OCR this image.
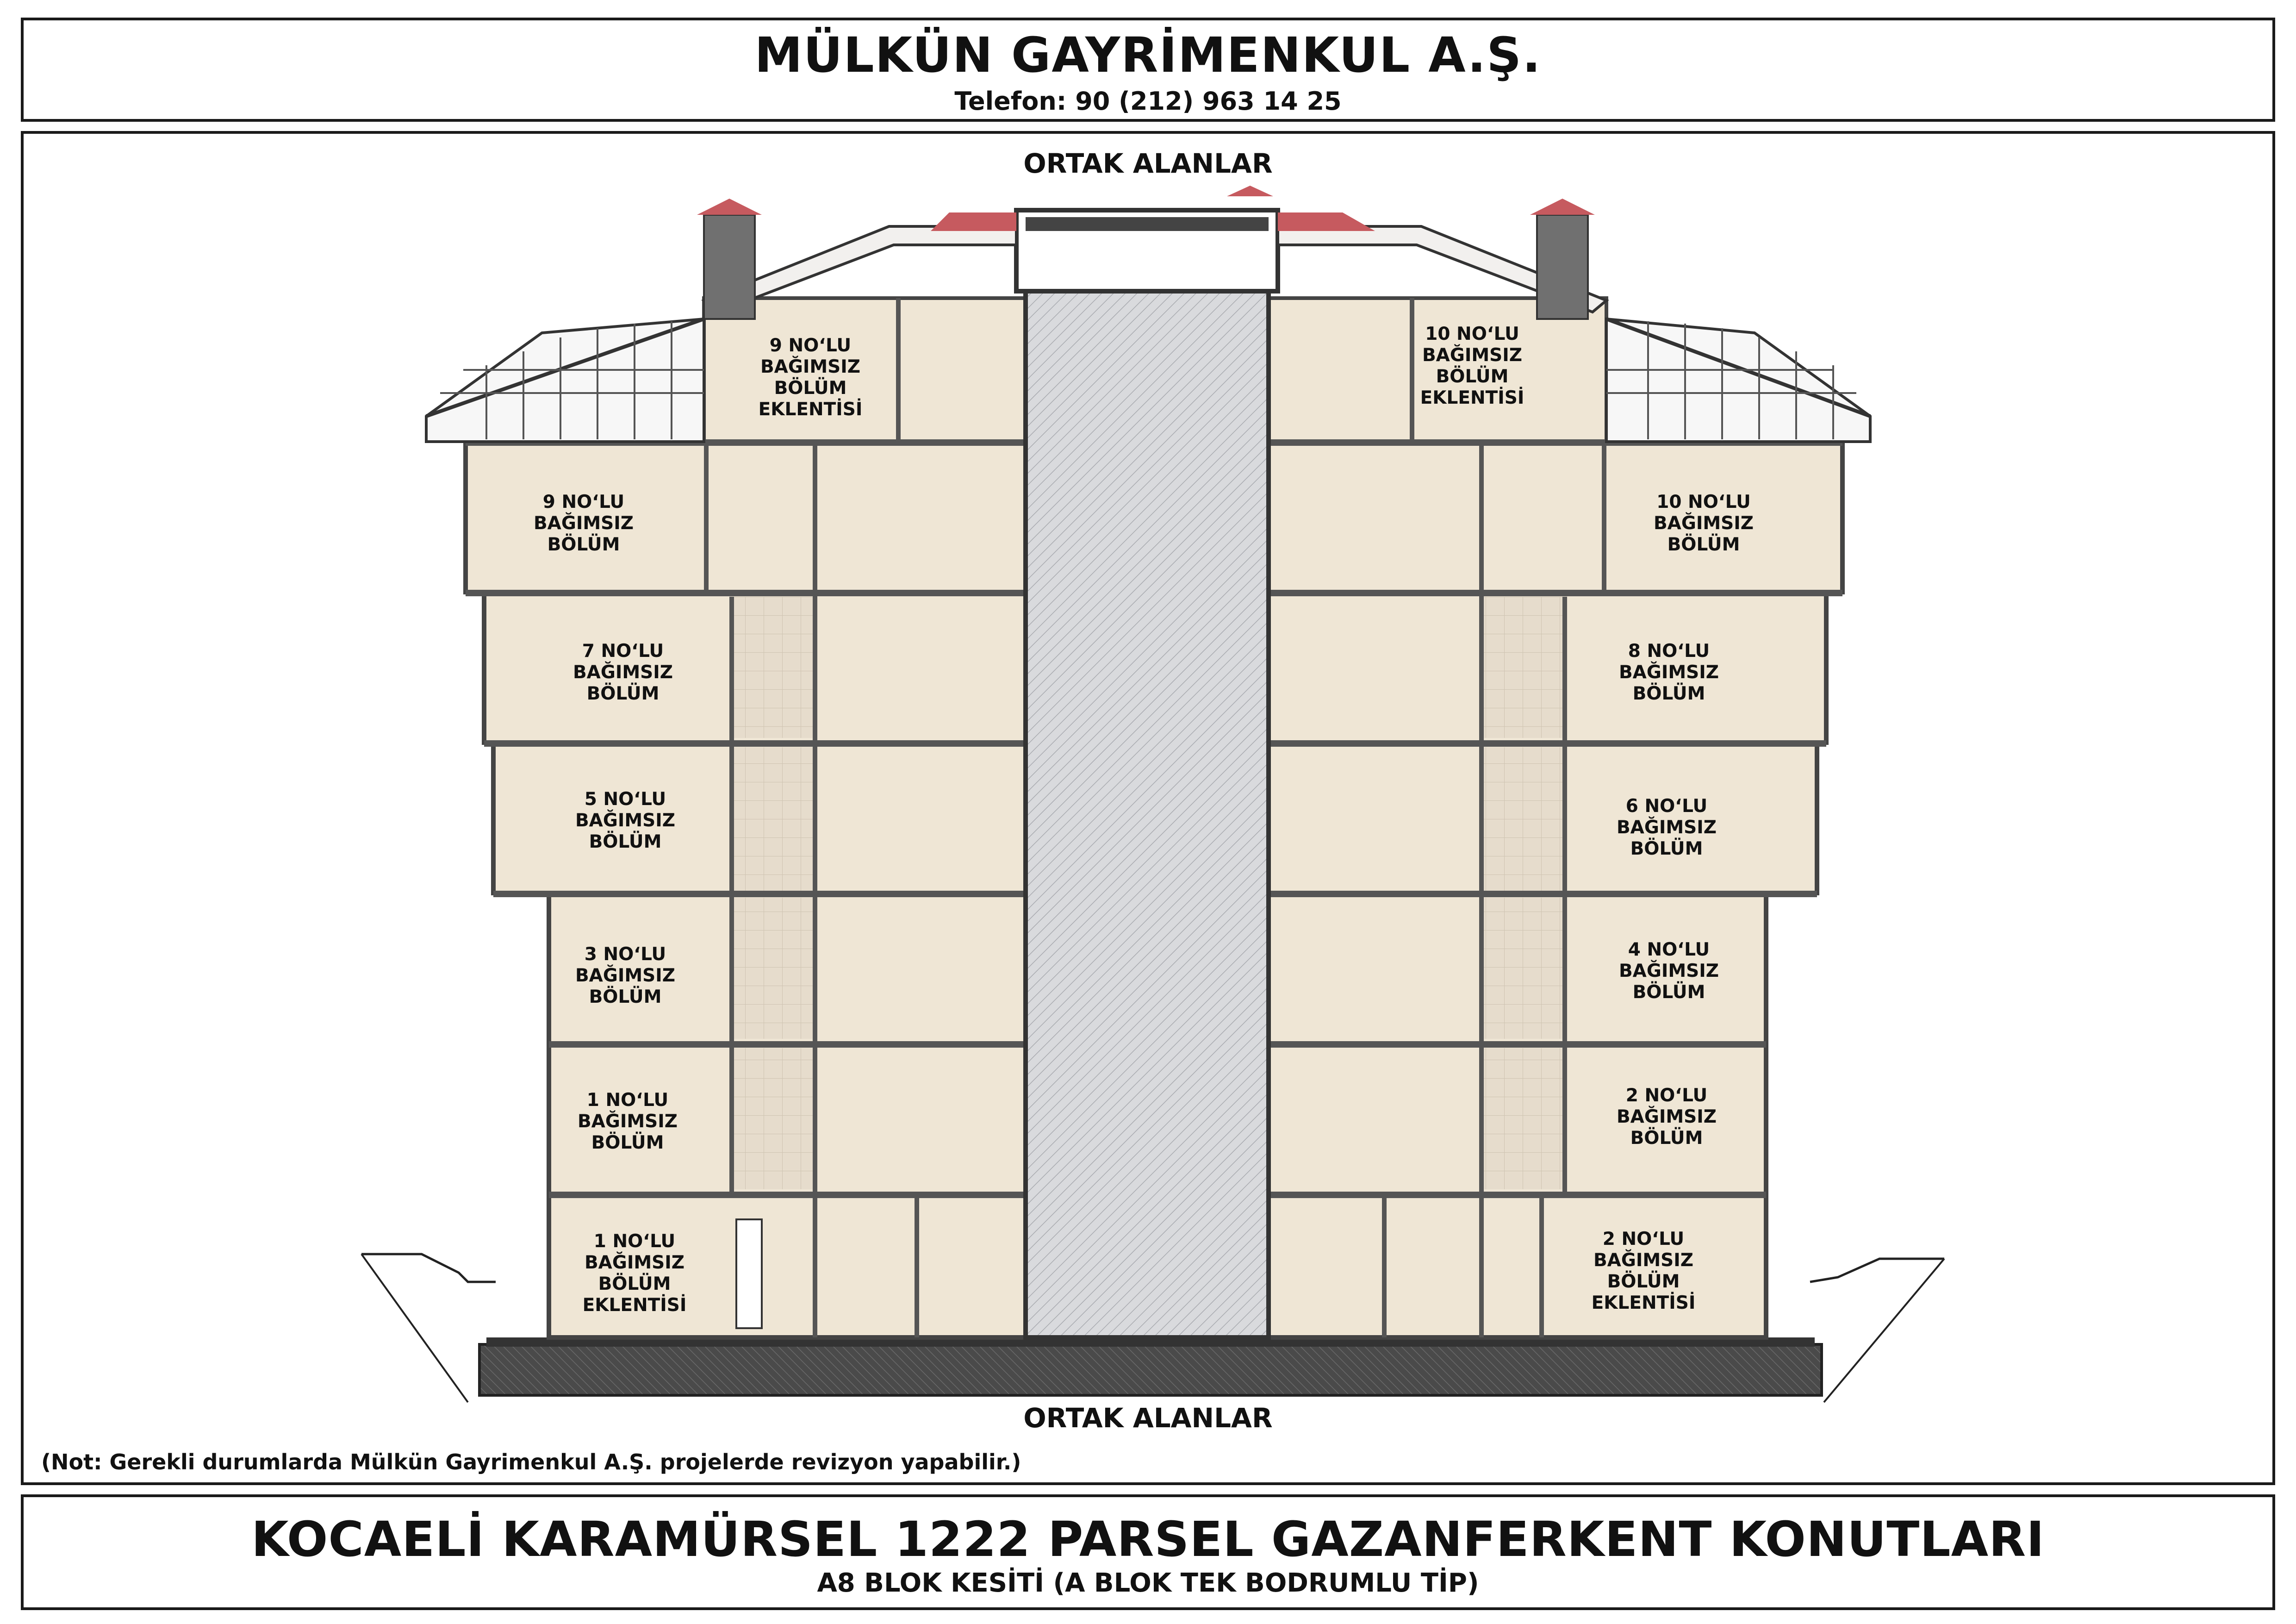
MÜLKÜN GAYRİMENKUL A.Ş.
Telefon: 90 (212) 963 14 25
ORTAK ALANLAR
9 NO‘LU BAĞIMSIZ BÖLÜM EKLENTİSİ
10 NO‘LU BAĞIMSIZ BÖLÜM EKLENTİSİ
9 NO‘LU BAĞIMSIZ BÖLÜM
10 NO‘LU BAĞIMSIZ BÖLÜM
7 NO‘LU BAĞIMSIZ BÖLÜM
8 NO‘LU BAĞIMSIZ BÖLÜM
5 NO‘LU BAĞIMSIZ BÖLÜM
6 NO‘LU BAĞIMSIZ BÖLÜM
3 NO‘LU BAĞIMSIZ BÖLÜM
4 NO‘LU BAĞIMSIZ BÖLÜM
1 NO‘LU BAĞIMSIZ BÖLÜM
2 NO‘LU BAĞIMSIZ BÖLÜM
1 NO‘LU BAĞIMSIZ BÖLÜM EKLENTİSİ
2 NO‘LU BAĞIMSIZ BÖLÜM EKLENTİSİ
ORTAK ALANLAR
(Not: Gerekli durumlarda Mülkün Gayrimenkul A.Ş. projelerde revizyon yapabilir.)
KOCAELİ KARAMÜRSEL 1222 PARSEL GAZANFERKENT KONUTLARI
A8 BLOK KESİTİ (A BLOK TEK BODRUMLU TİP)
